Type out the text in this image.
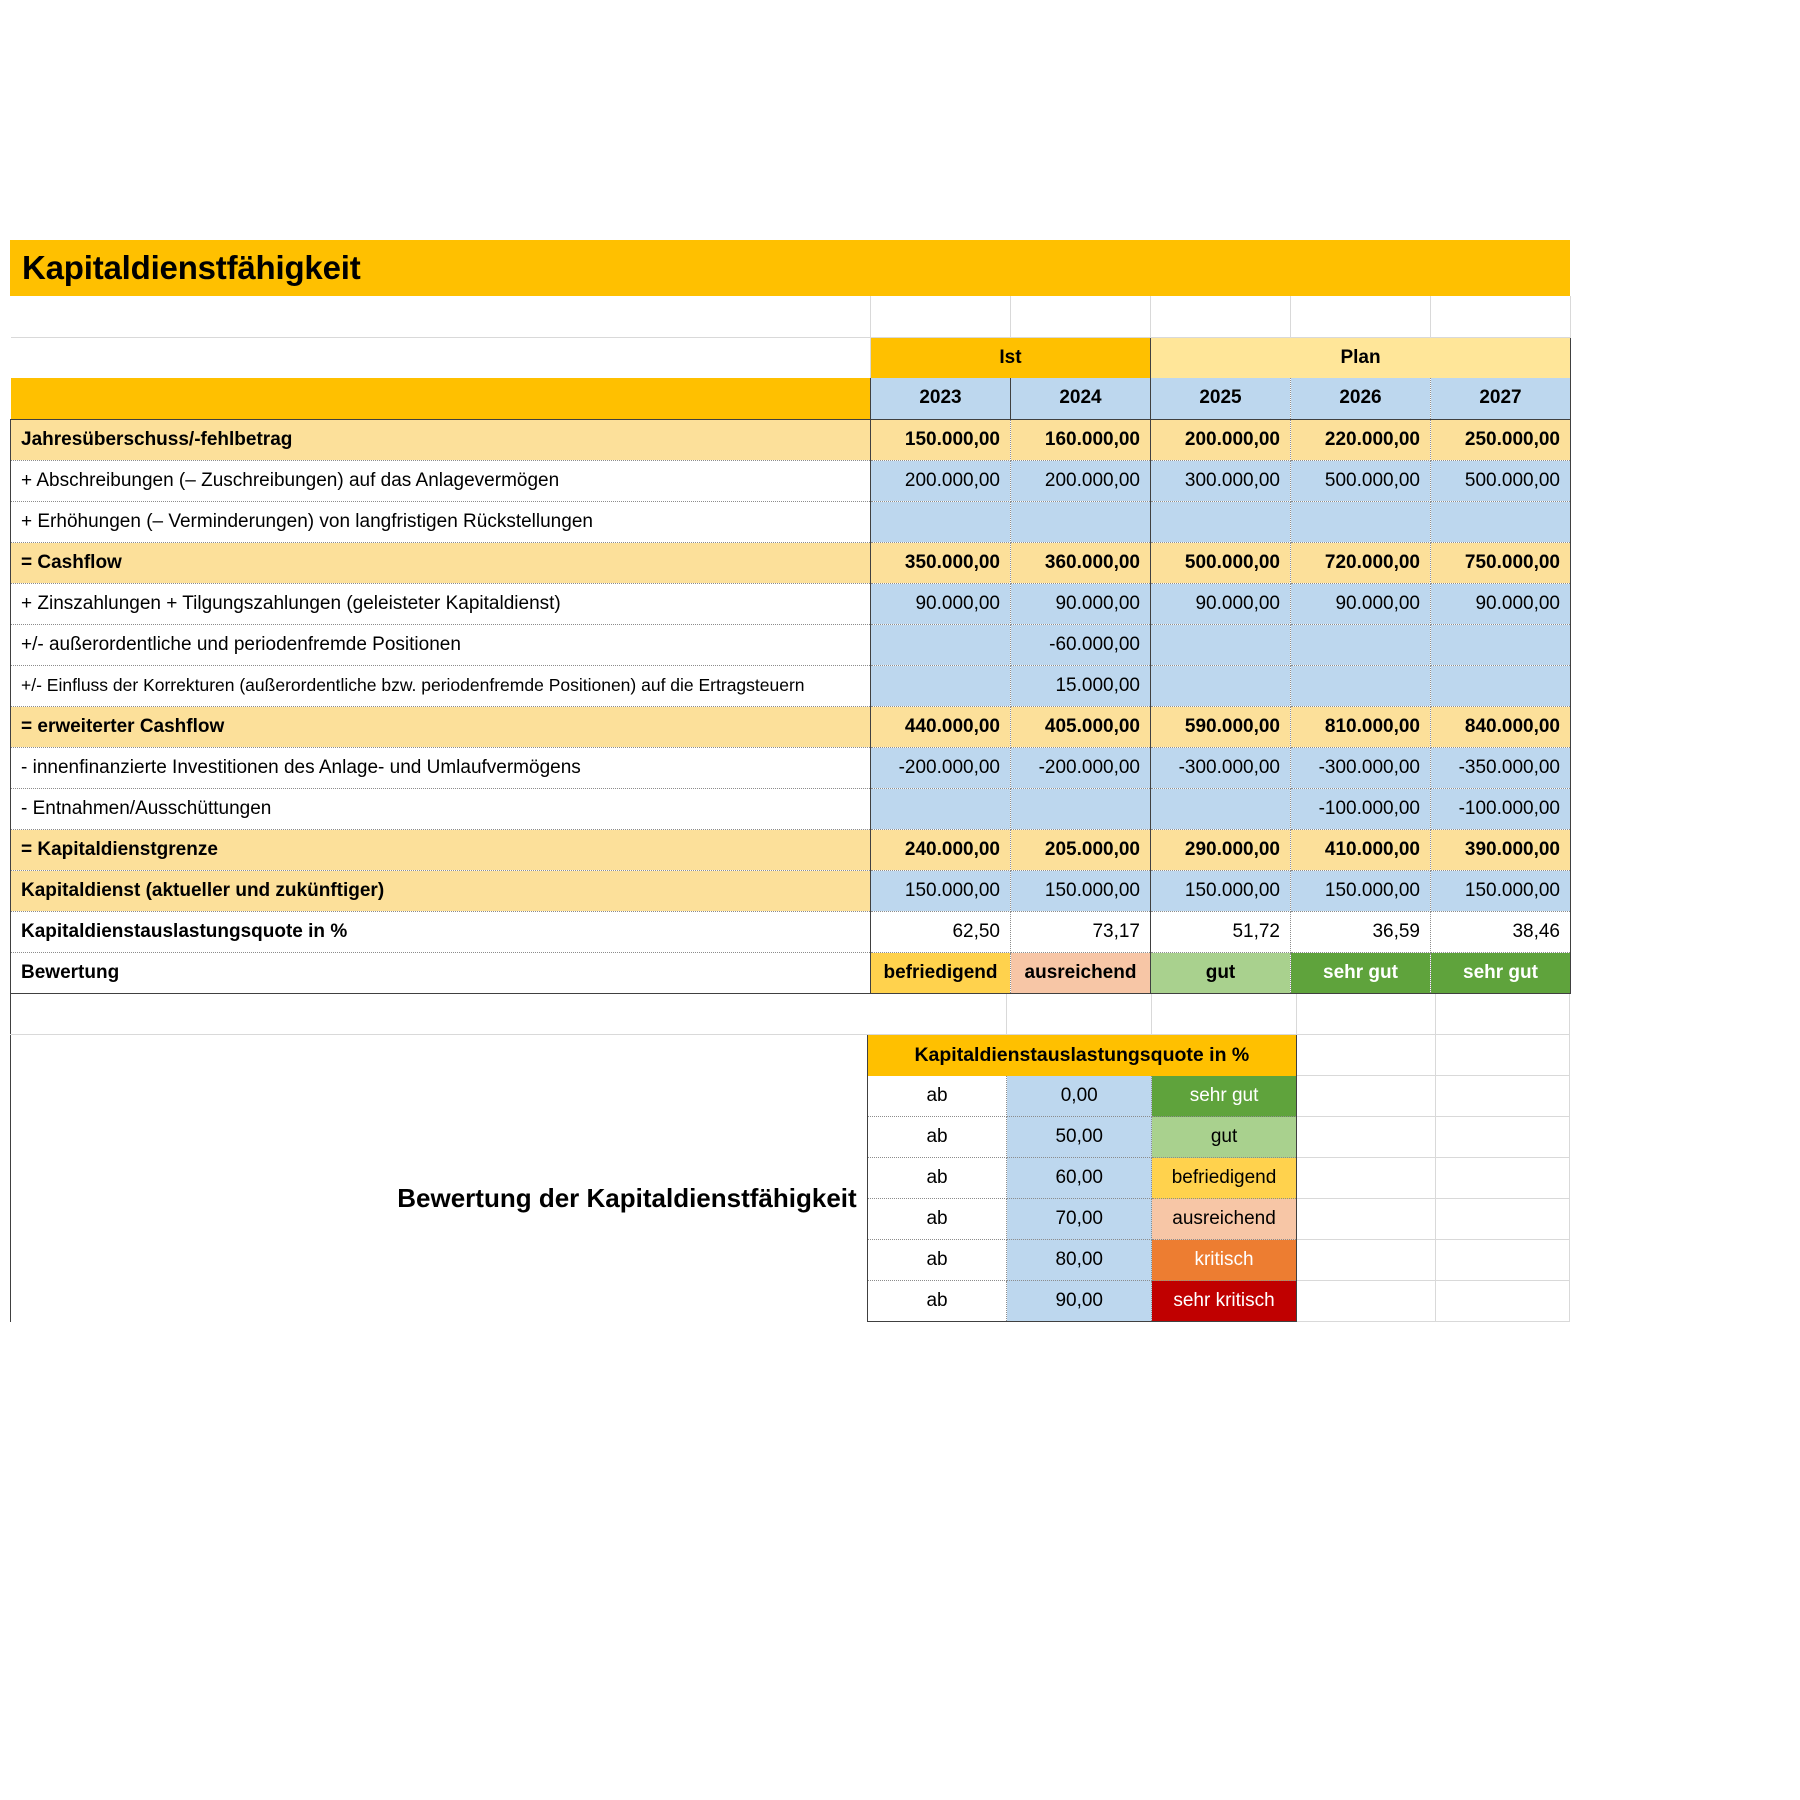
Kapitaldienstfähigkeit

	Ist		Plan		
	2023	2024	2025	2026	2027
Jahresüberschuss/-fehlbetrag	150.000,00	160.000,00	200.000,00	220.000,00	250.000,00
+ Abschreibungen (– Zuschreibungen) auf das Anlagevermögen	200.000,00	200.000,00	300.000,00	500.000,00	500.000,00
+ Erhöhungen (– Verminderungen) von langfristigen Rückstellungen					
= Cashflow	350.000,00	360.000,00	500.000,00	720.000,00	750.000,00
+ Zinszahlungen + Tilgungszahlungen (geleisteter Kapitaldienst)	90.000,00	90.000,00	90.000,00	90.000,00	90.000,00
+/- außerordentliche und periodenfremde Positionen		-60.000,00			
+/- Einfluss der Korrekturen (außerordentliche bzw. periodenfremde Positionen) auf die Ertragsteuern		15.000,00			
= erweiterter Cashflow	440.000,00	405.000,00	590.000,00	810.000,00	840.000,00
- innenfinanzierte Investitionen des Anlage- und Umlaufvermögens	-200.000,00	-200.000,00	-300.000,00	-300.000,00	-350.000,00
- Entnahmen/Ausschüttungen				-100.000,00	-100.000,00
= Kapitaldienstgrenze	240.000,00	205.000,00	290.000,00	410.000,00	390.000,00
Kapitaldienst (aktueller und zukünftiger)	150.000,00	150.000,00	150.000,00	150.000,00	150.000,00
Kapitaldienstauslastungsquote in %	62,50	73,17	51,72	36,59	38,46
Bewertung	befriedigend	ausreichend	gut	sehr gut	sehr gut

	Kapitaldienstauslastungsquote in %				
Bewertung der Kapitaldienstfähigkeit	ab	0,00	sehr gut		
	ab	50,00	gut		
	ab	60,00	befriedigend		
	ab	70,00	ausreichend		
	ab	80,00	kritisch		
	ab	90,00	sehr kritisch		
